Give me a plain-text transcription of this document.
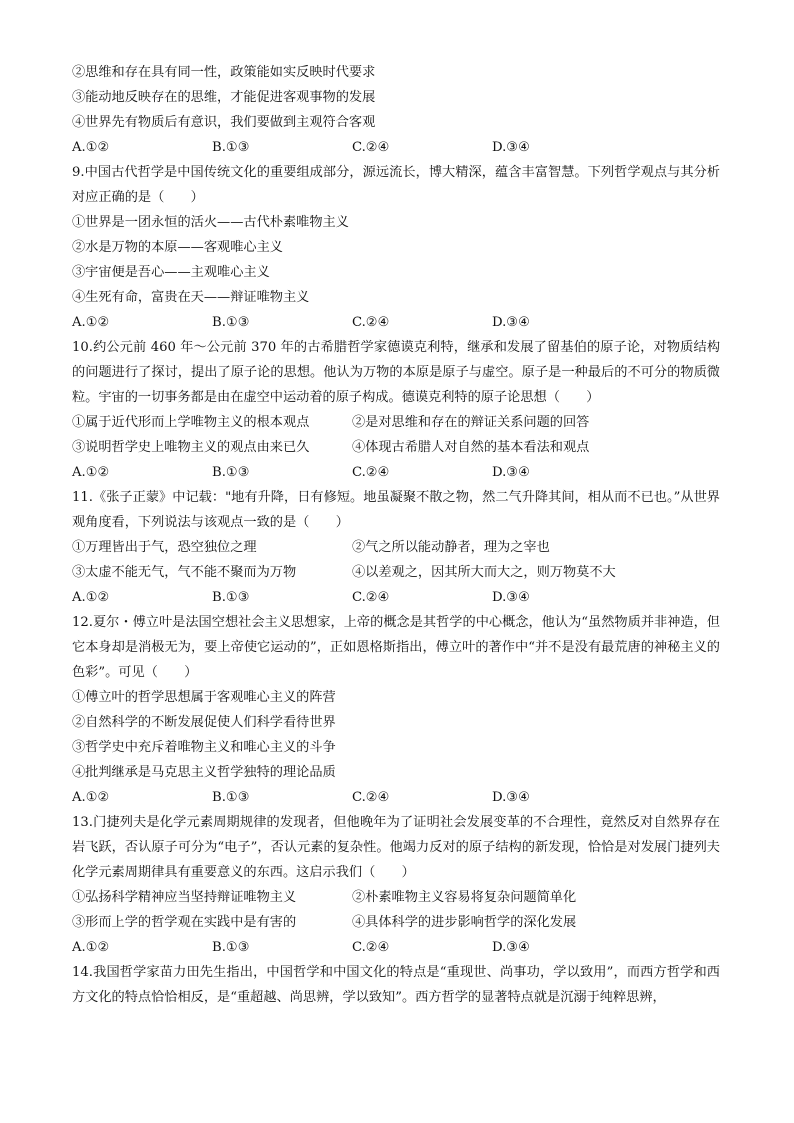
②思维和存在具有同一性，政策能如实反映时代要求
③能动地反映存在的思维，才能促进客观事物的发展
④世界先有物质后有意识，我们要做到主观符合客观
A.①②	B.①③	C.②④	D.③④
9.中国古代哲学是中国传统文化的重要组成部分，源远流长，博大精深，蕴含丰富智慧。下列哲学观点与其分析对应正确的是（　　）
①世界是一团永恒的活火——古代朴素唯物主义
②水是万物的本原——客观唯心主义
③宇宙便是吾心——主观唯心主义
④生死有命，富贵在天——辩证唯物主义
A.①②	B.①③	C.②④	D.③④
10.约公元前 460 年～公元前 370 年的古希腊哲学家德谟克利特，继承和发展了留基伯的原子论，对物质结构的问题进行了探讨，提出了原子论的思想。他认为万物的本原是原子与虚空。原子是一种最后的不可分的物质微粒。宇宙的一切事务都是由在虚空中运动着的原子构成。德谟克利特的原子论思想（　　）
①属于近代形而上学唯物主义的根本观点	②是对思维和存在的辩证关系问题的回答
③说明哲学史上唯物主义的观点由来已久	④体现古希腊人对自然的基本看法和观点
A.①②	B.①③	C.②④	D.③④
11.《张子正蒙》中记载："地有升降，日有修短。地虽凝聚不散之物，然二气升降其间，相从而不已也。”从世界观角度看，下列说法与该观点一致的是（　　）
①万理皆出于气，恐空独位之理	②气之所以能动静者，理为之宰也
③太虚不能无气，气不能不聚而为万物	④以差观之，因其所大而大之，则万物莫不大
A.①②	B.①③	C.②④	D.③④
12.夏尔・傅立叶是法国空想社会主义思想家，上帝的概念是其哲学的中心概念，他认为“虽然物质并非神造，但它本身却是消极无为，要上帝使它运动的”，正如恩格斯指出，傅立叶的著作中“并不是没有最荒唐的神秘主义的色彩”。可见（　　）
①傅立叶的哲学思想属于客观唯心主义的阵营
②自然科学的不断发展促使人们科学看待世界
③哲学史中充斥着唯物主义和唯心主义的斗争
④批判继承是马克思主义哲学独特的理论品质
A.①②	B.①③	C.②④	D.③④
13.门捷列夫是化学元素周期规律的发现者，但他晚年为了证明社会发展变革的不合理性，竟然反对自然界存在岩飞跃，否认原子可分为“电子”，否认元素的复杂性。他竭力反对的原子结构的新发现，恰恰是对发展门捷列夫化学元素周期律具有重要意义的东西。这启示我们（　　）
①弘扬科学精神应当坚持辩证唯物主义	②朴素唯物主义容易将复杂问题简单化
③形而上学的哲学观在实践中是有害的	④具体科学的进步影响哲学的深化发展
A.①②	B.①③	C.②④	D.③④
14.我国哲学家苗力田先生指出，中国哲学和中国文化的特点是“重现世、尚事功，学以致用”，而西方哲学和西方文化的特点恰恰相反，是“重超越、尚思辨，学以致知”。西方哲学的显著特点就是沉溺于纯粹思辨，
